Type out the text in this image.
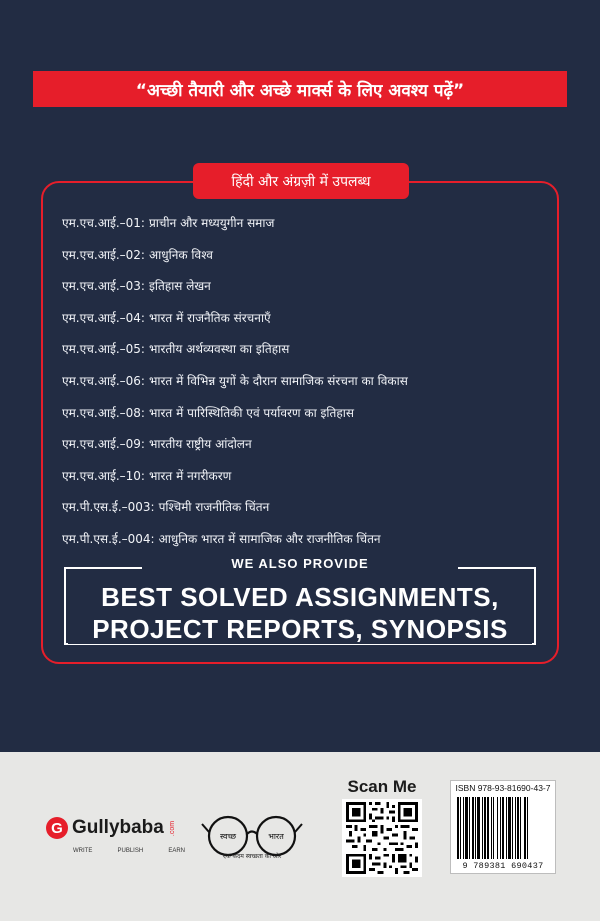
“अच्छी तैयारी और अच्छे मार्क्स के लिए अवश्य पढ़ें”
हिंदी और अंग्रज़ी में उपलब्ध
एम.एच.आई.–01: प्राचीन और मध्ययुगीन समाज
एम.एच.आई.–02: आधुनिक विश्व
एम.एच.आई.–03: इतिहास लेखन
एम.एच.आई.–04: भारत में राजनैतिक संरचनाएँ
एम.एच.आई.–05: भारतीय अर्थव्यवस्था का इतिहास
एम.एच.आई.–06: भारत में विभिन्न युगों के दौरान सामाजिक संरचना का विकास
एम.एच.आई.–08: भारत में पारिस्थितिकी एवं पर्यावरण का इतिहास
एम.एच.आई.–09: भारतीय राष्ट्रीय आंदोलन
एम.एच.आई.–10: भारत में नगरीकरण
एम.पी.एस.ई.–003: पश्चिमी राजनीतिक चिंतन
एम.पी.एस.ई.–004: आधुनिक भारत में सामाजिक और राजनीतिक चिंतन
WE ALSO PROVIDE
BEST SOLVED ASSIGNMENTS,
PROJECT REPORTS, SYNOPSIS
G Gullybaba .com
WRITE	PUBLISH	EARN
स्वच्छ	भारत
एक कदम स्वच्छता की ओर
Scan Me	ISBN 978-93-81690-43-7
9 789381 690437
